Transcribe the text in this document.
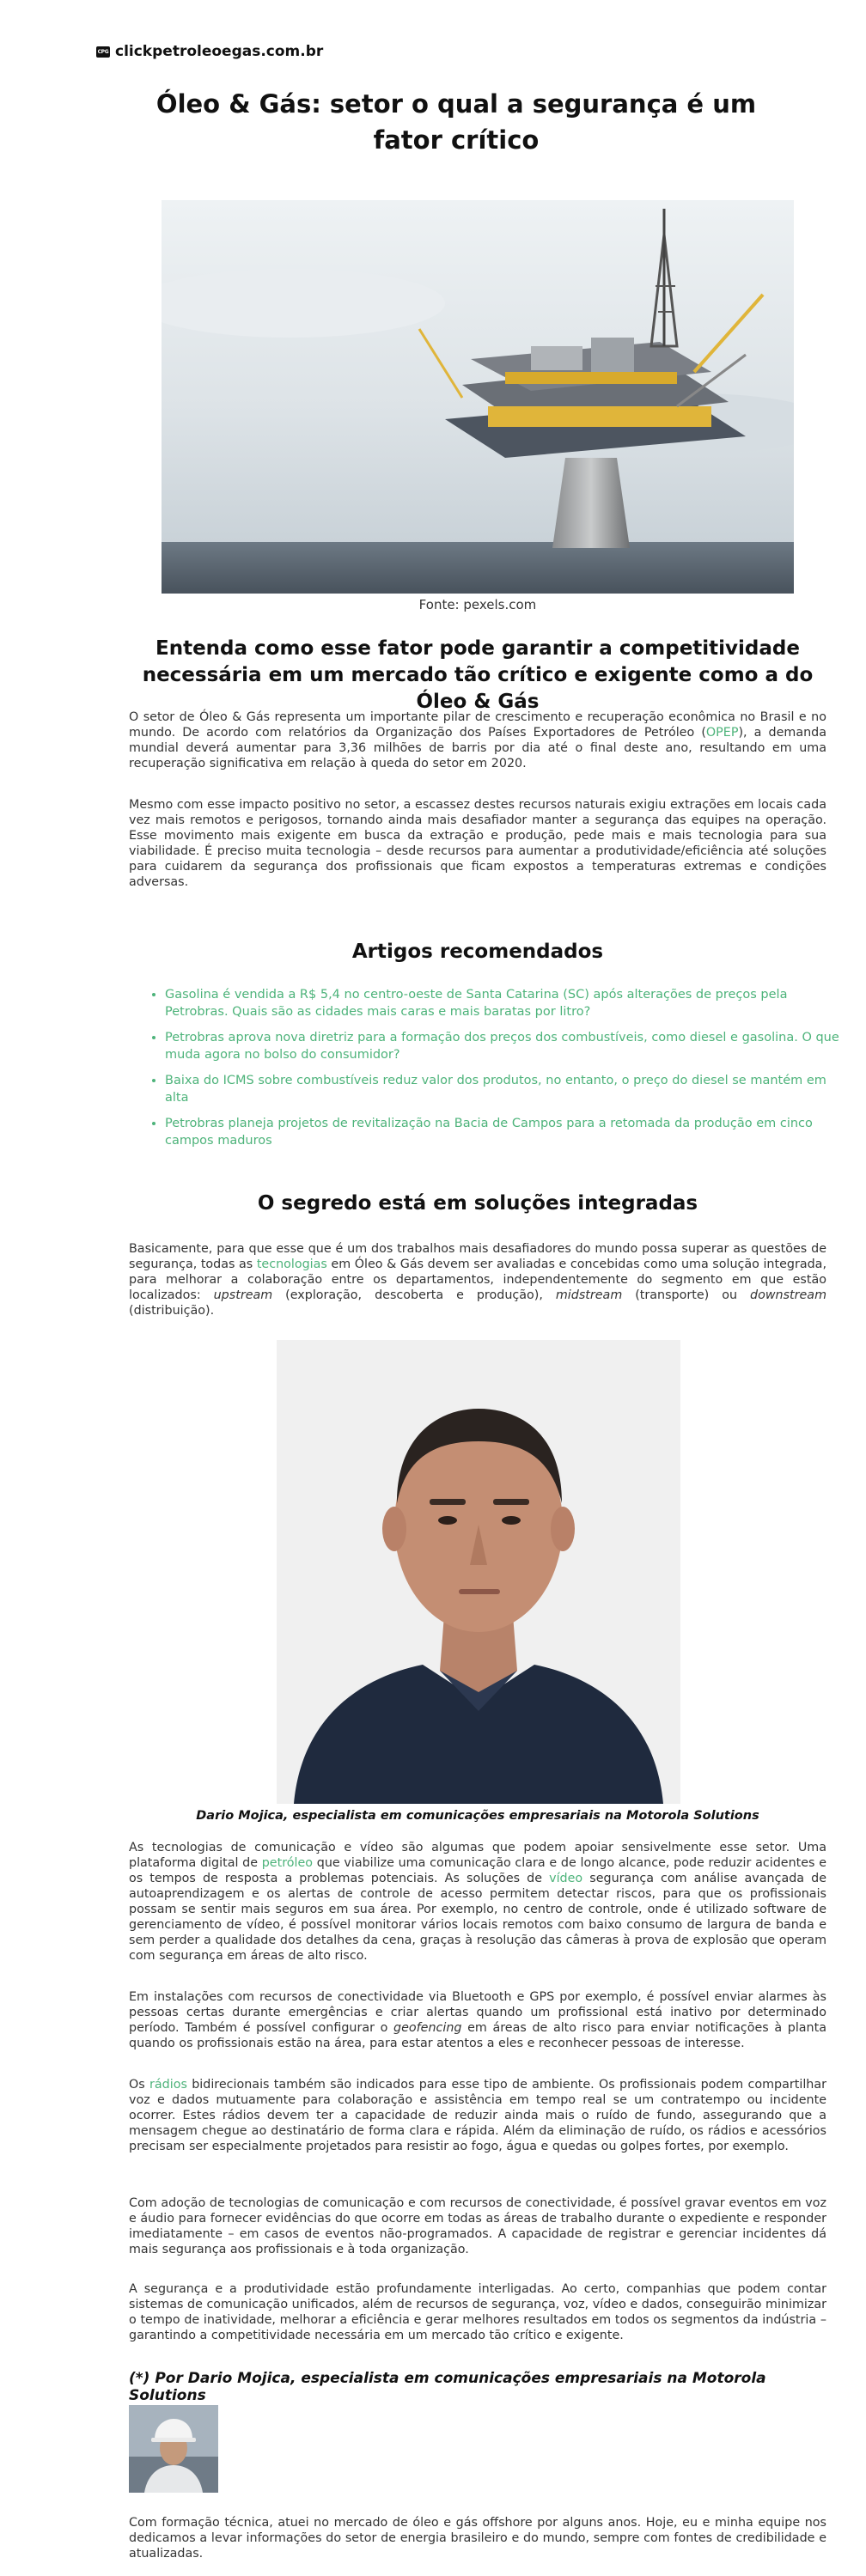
CPG clickpetroleoegas.com.br
Óleo & Gás: setor o qual a segurança é um fator crítico
Fonte: pexels.com
Entenda como esse fator pode garantir a competitividade necessária em um mercado tão crítico e exigente como a do Óleo & Gás

O setor de Óleo & Gás representa um importante pilar de crescimento e recuperação econômica no Brasil e no mundo. De acordo com relatórios da Organização dos Países Exportadores de Petróleo (OPEP), a demanda mundial deverá aumentar para 3,36 milhões de barris por dia até o final deste ano, resultando em uma recuperação significativa em relação à queda do setor em 2020.

Mesmo com esse impacto positivo no setor, a escassez destes recursos naturais exigiu extrações em locais cada vez mais remotos e perigosos, tornando ainda mais desafiador manter a segurança das equipes na operação. Esse movimento mais exigente em busca da extração e produção, pede mais e mais tecnologia para sua viabilidade. É preciso muita tecnologia – desde recursos para aumentar a produtividade/eficiência até soluções para cuidarem da segurança dos profissionais que ficam expostos a temperaturas extremas e condições adversas.

Artigos recomendados
• Gasolina é vendida a R$ 5,4 no centro-oeste de Santa Catarina (SC) após alterações de preços pela Petrobras. Quais são as cidades mais caras e mais baratas por litro?
• Petrobras aprova nova diretriz para a formação dos preços dos combustíveis, como diesel e gasolina. O que muda agora no bolso do consumidor?
• Baixa do ICMS sobre combustíveis reduz valor dos produtos, no entanto, o preço do diesel se mantém em alta
• Petrobras planeja projetos de revitalização na Bacia de Campos para a retomada da produção em cinco campos maduros
O segredo está em soluções integradas

Basicamente, para que esse que é um dos trabalhos mais desafiadores do mundo possa superar as questões de segurança, todas as tecnologias em Óleo & Gás devem ser avaliadas e concebidas como uma solução integrada, para melhorar a colaboração entre os departamentos, independentemente do segmento em que estão localizados: upstream (exploração, descoberta e produção), midstream (transporte) ou downstream (distribuição).

Dario Mojica, especialista em comunicações empresariais na Motorola Solutions

As tecnologias de comunicação e vídeo são algumas que podem apoiar sensivelmente esse setor. Uma plataforma digital de petróleo que viabilize uma comunicação clara e de longo alcance, pode reduzir acidentes e os tempos de resposta a problemas potenciais. As soluções de vídeo segurança com análise avançada de autoaprendizagem e os alertas de controle de acesso permitem detectar riscos, para que os profissionais possam se sentir mais seguros em sua área. Por exemplo, no centro de controle, onde é utilizado software de gerenciamento de vídeo, é possível monitorar vários locais remotos com baixo consumo de largura de banda e sem perder a qualidade dos detalhes da cena, graças à resolução das câmeras à prova de explosão que operam com segurança em áreas de alto risco.

Em instalações com recursos de conectividade via Bluetooth e GPS por exemplo, é possível enviar alarmes às pessoas certas durante emergências e criar alertas quando um profissional está inativo por determinado período. Também é possível configurar o geofencing em áreas de alto risco para enviar notificações à planta quando os profissionais estão na área, para estar atentos a eles e reconhecer pessoas de interesse.

Os rádios bidirecionais também são indicados para esse tipo de ambiente. Os profissionais podem compartilhar voz e dados mutuamente para colaboração e assistência em tempo real se um contratempo ou incidente ocorrer. Estes rádios devem ter a capacidade de reduzir ainda mais o ruído de fundo, assegurando que a mensagem chegue ao destinatário de forma clara e rápida. Além da eliminação de ruído, os rádios e acessórios precisam ser especialmente projetados para resistir ao fogo, água e quedas ou golpes fortes, por exemplo.

Com adoção de tecnologias de comunicação e com recursos de conectividade, é possível gravar eventos em voz e áudio para fornecer evidências do que ocorre em todas as áreas de trabalho durante o expediente e responder imediatamente – em casos de eventos não-programados. A capacidade de registrar e gerenciar incidentes dá mais segurança aos profissionais e à toda organização.

A segurança e a produtividade estão profundamente interligadas. Ao certo, companhias que podem contar sistemas de comunicação unificados, além de recursos de segurança, voz, vídeo e dados, conseguirão minimizar o tempo de inatividade, melhorar a eficiência e gerar melhores resultados em todos os segmentos da indústria – garantindo a competitividade necessária em um mercado tão crítico e exigente.

(*) Por Dario Mojica, especialista em comunicações empresariais na Motorola Solutions

Com formação técnica, atuei no mercado de óleo e gás offshore por alguns anos. Hoje, eu e minha equipe nos dedicamos a levar informações do setor de energia brasileiro e do mundo, sempre com fontes de credibilidade e atualizadas.
